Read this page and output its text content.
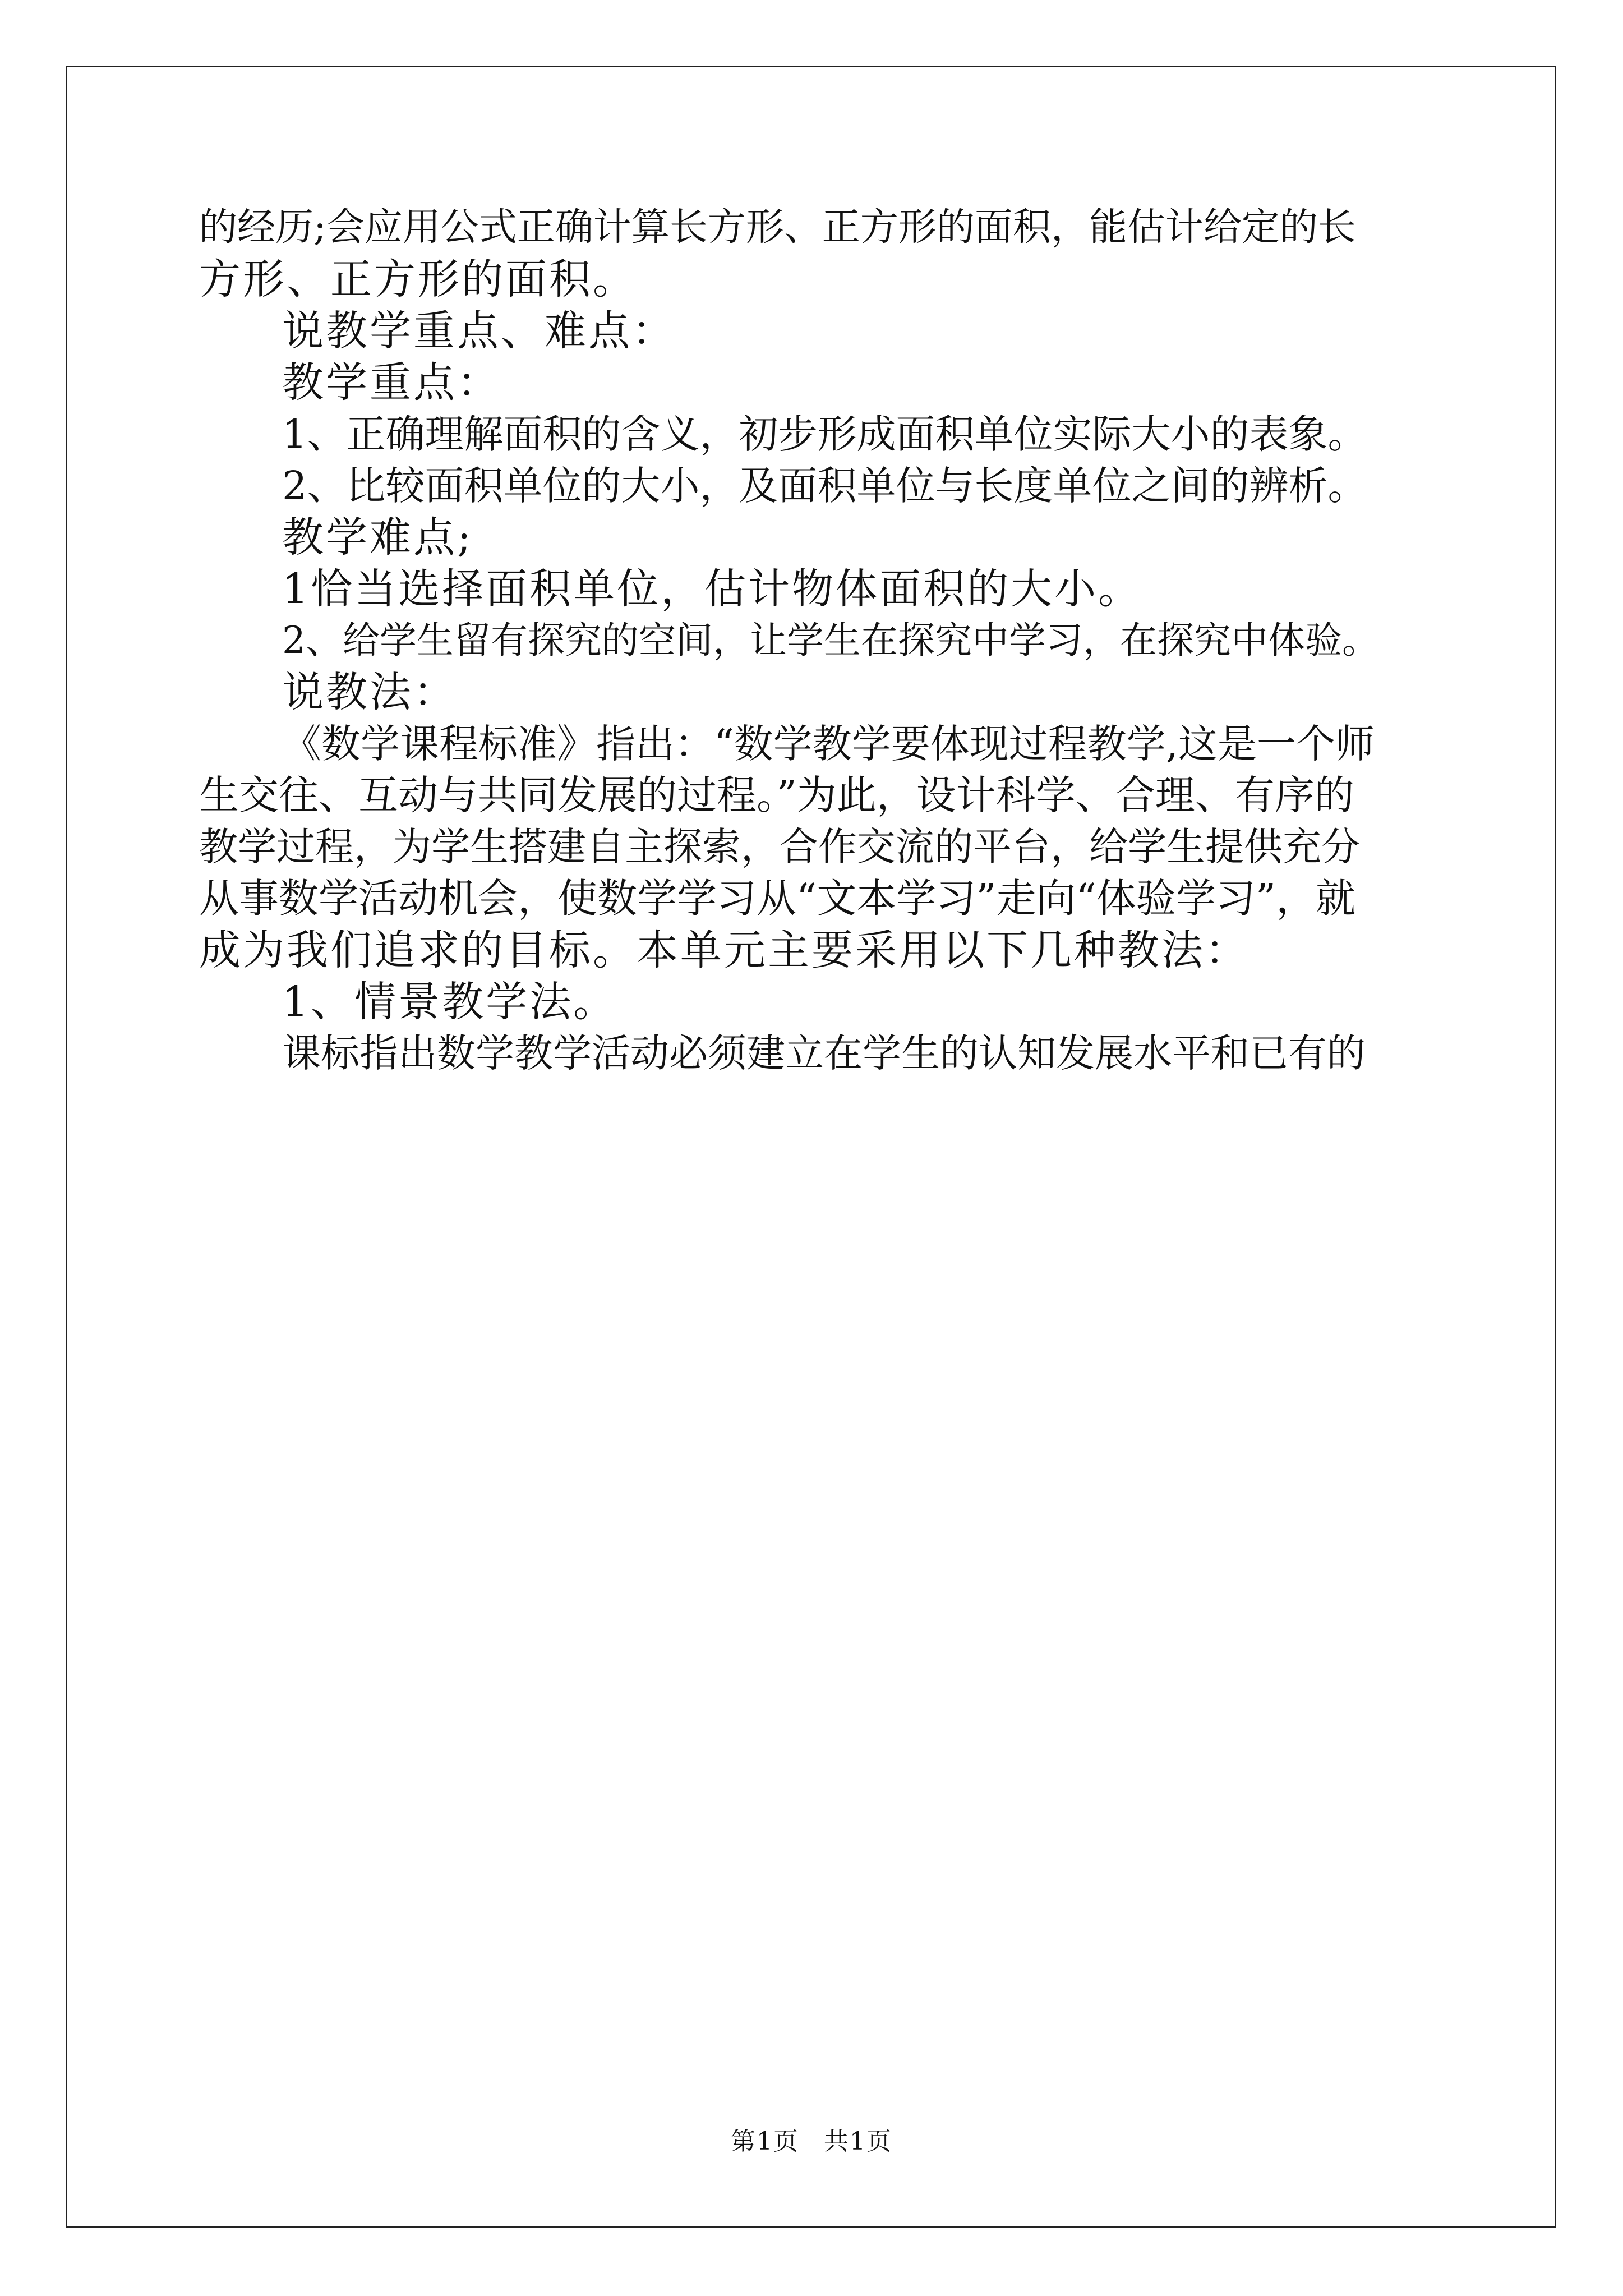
的经历;会应用公式正确计算长方形、正方形的面积，能估计给定的长
方形、正方形的面积。
说教学重点、难点：
教学重点：
1、正确理解面积的含义，初步形成面积单位实际大小的表象。
2、比较面积单位的大小，及面积单位与长度单位之间的辨析。
教学难点;
1恰当选择面积单位，估计物体面积的大小。
2、给学生留有探究的空间，让学生在探究中学习，在探究中体验。
说教法：
《数学课程标准》指出：“数学教学要体现过程教学,这是一个师
生交往、互动与共同发展的过程。”为此，设计科学、合理、有序的
教学过程，为学生搭建自主探索，合作交流的平台，给学生提供充分
从事数学活动机会，使数学学习从“文本学习”走向“体验学习”，就
成为我们追求的目标。本单元主要采用以下几种教法：
1、情景教学法。
课标指出数学教学活动必须建立在学生的认知发展水平和已有的
第1页 共1页
